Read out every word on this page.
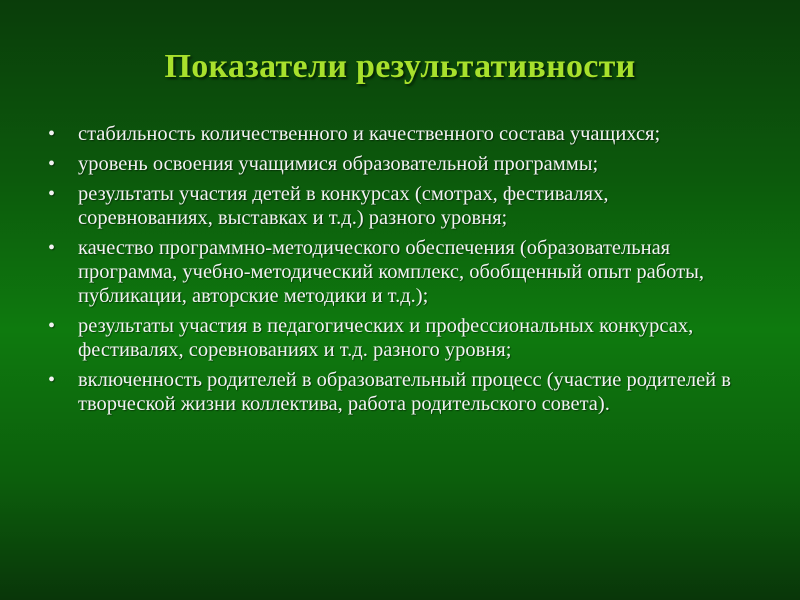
Показатели результативности
• стабильность количественного и качественного состава учащихся;
• уровень освоения учащимися образовательной программы;
• результаты участия детей в конкурсах (смотрах, фестивалях, соревнованиях, выставках и т.д.) разного уровня;
• качество программно-методического обеспечения (образовательная программа, учебно-методический комплекс, обобщенный опыт работы, публикации, авторские методики и т.д.);
• результаты участия в педагогических и профессиональных конкурсах, фестивалях, соревнованиях и т.д. разного уровня;
• включенность родителей в образовательный процесс (участие родителей в творческой жизни коллектива, работа родительского совета).
